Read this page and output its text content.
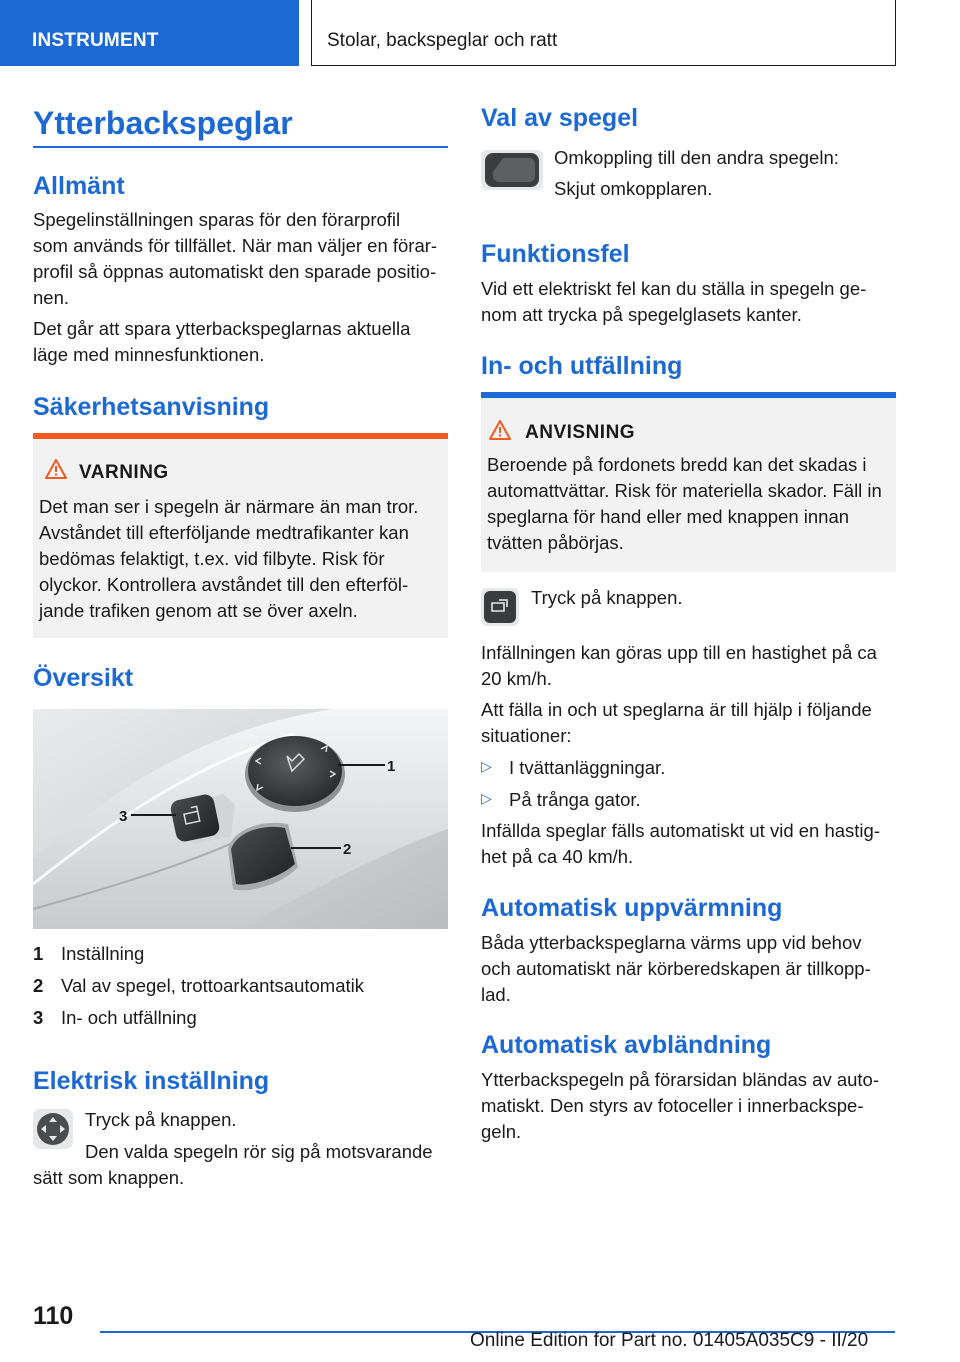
INSTRUMENT	Stolar, backspeglar och ratt
Ytterbackspeglar
Allmänt
Spegelinställningen sparas för den förarprofil
som används för tillfället. När man väljer en förar‐
profil så öppnas automatiskt den sparade positio‐
nen.
Det går att spara ytterbackspeglarnas aktuella
läge med minnesfunktionen.
Säkerhetsanvisning
VARNING
Det man ser i spegeln är närmare än man tror.
Avståndet till efterföljande medtrafikanter kan
bedömas felaktigt, t.ex. vid filbyte. Risk för
olyckor. Kontrollera avståndet till den efterföl‐
jande trafiken genom att se över axeln.
Översikt
1
2
3
1 Inställning
2 Val av spegel, trottoarkantsautomatik
3 In- och utfällning
Elektrisk inställning
Tryck på knappen.
Den valda spegeln rör sig på motsvarande
sätt som knappen.
Val av spegel
Omkoppling till den andra spegeln:
Skjut omkopplaren.
Funktionsfel
Vid ett elektriskt fel kan du ställa in spegeln ge‐
nom att trycka på spegelglasets kanter.
In- och utfällning
ANVISNING
Beroende på fordonets bredd kan det skadas i
automattvättar. Risk för materiella skador. Fäll in
speglarna för hand eller med knappen innan
tvätten påbörjas.
Tryck på knappen.
Infällningen kan göras upp till en hastighet på ca
20 km/h.
Att fälla in och ut speglarna är till hjälp i följande
situationer:
▷ I tvättanläggningar.
▷ På trånga gator.
Infällda speglar fälls automatiskt ut vid en hastig‐
het på ca 40 km/h.
Automatisk uppvärmning
Båda ytterbackspeglarna värms upp vid behov
och automatiskt när körberedskapen är tillkopp‐
lad.
Automatisk avbländning
Ytterbackspegeln på förarsidan bländas av auto‐
matiskt. Den styrs av fotoceller i innerbackspe‐
geln.
110
Online Edition for Part no. 01405A035C9 - II/20
